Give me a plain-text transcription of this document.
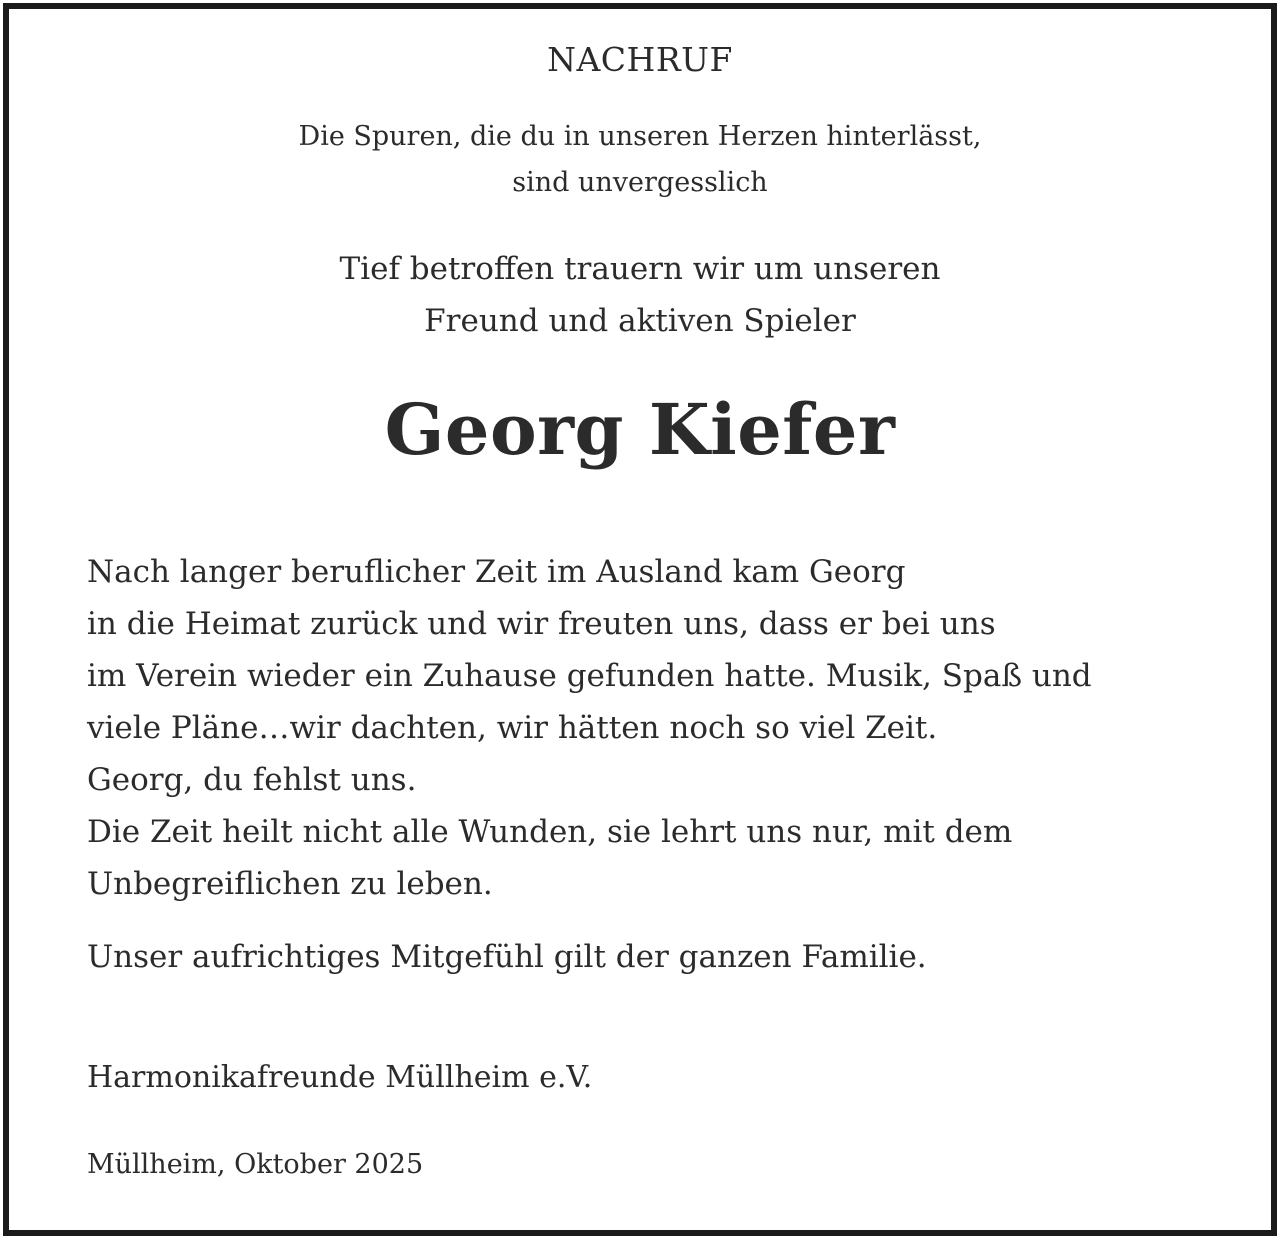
NACHRUF
Die Spuren, die du in unseren Herzen hinterlässt,
sind unvergesslich
Tief betroffen trauern wir um unseren
Freund und aktiven Spieler
Georg Kiefer
Nach langer beruflicher Zeit im Ausland kam Georg
in die Heimat zurück und wir freuten uns, dass er bei uns
im Verein wieder ein Zuhause gefunden hatte. Musik, Spaß und
viele Pläne…wir dachten, wir hätten noch so viel Zeit.
Georg, du fehlst uns.
Die Zeit heilt nicht alle Wunden, sie lehrt uns nur, mit dem
Unbegreiflichen zu leben.
Unser aufrichtiges Mitgefühl gilt der ganzen Familie.
Harmonikafreunde Müllheim e.V.
Müllheim, Oktober 2025
